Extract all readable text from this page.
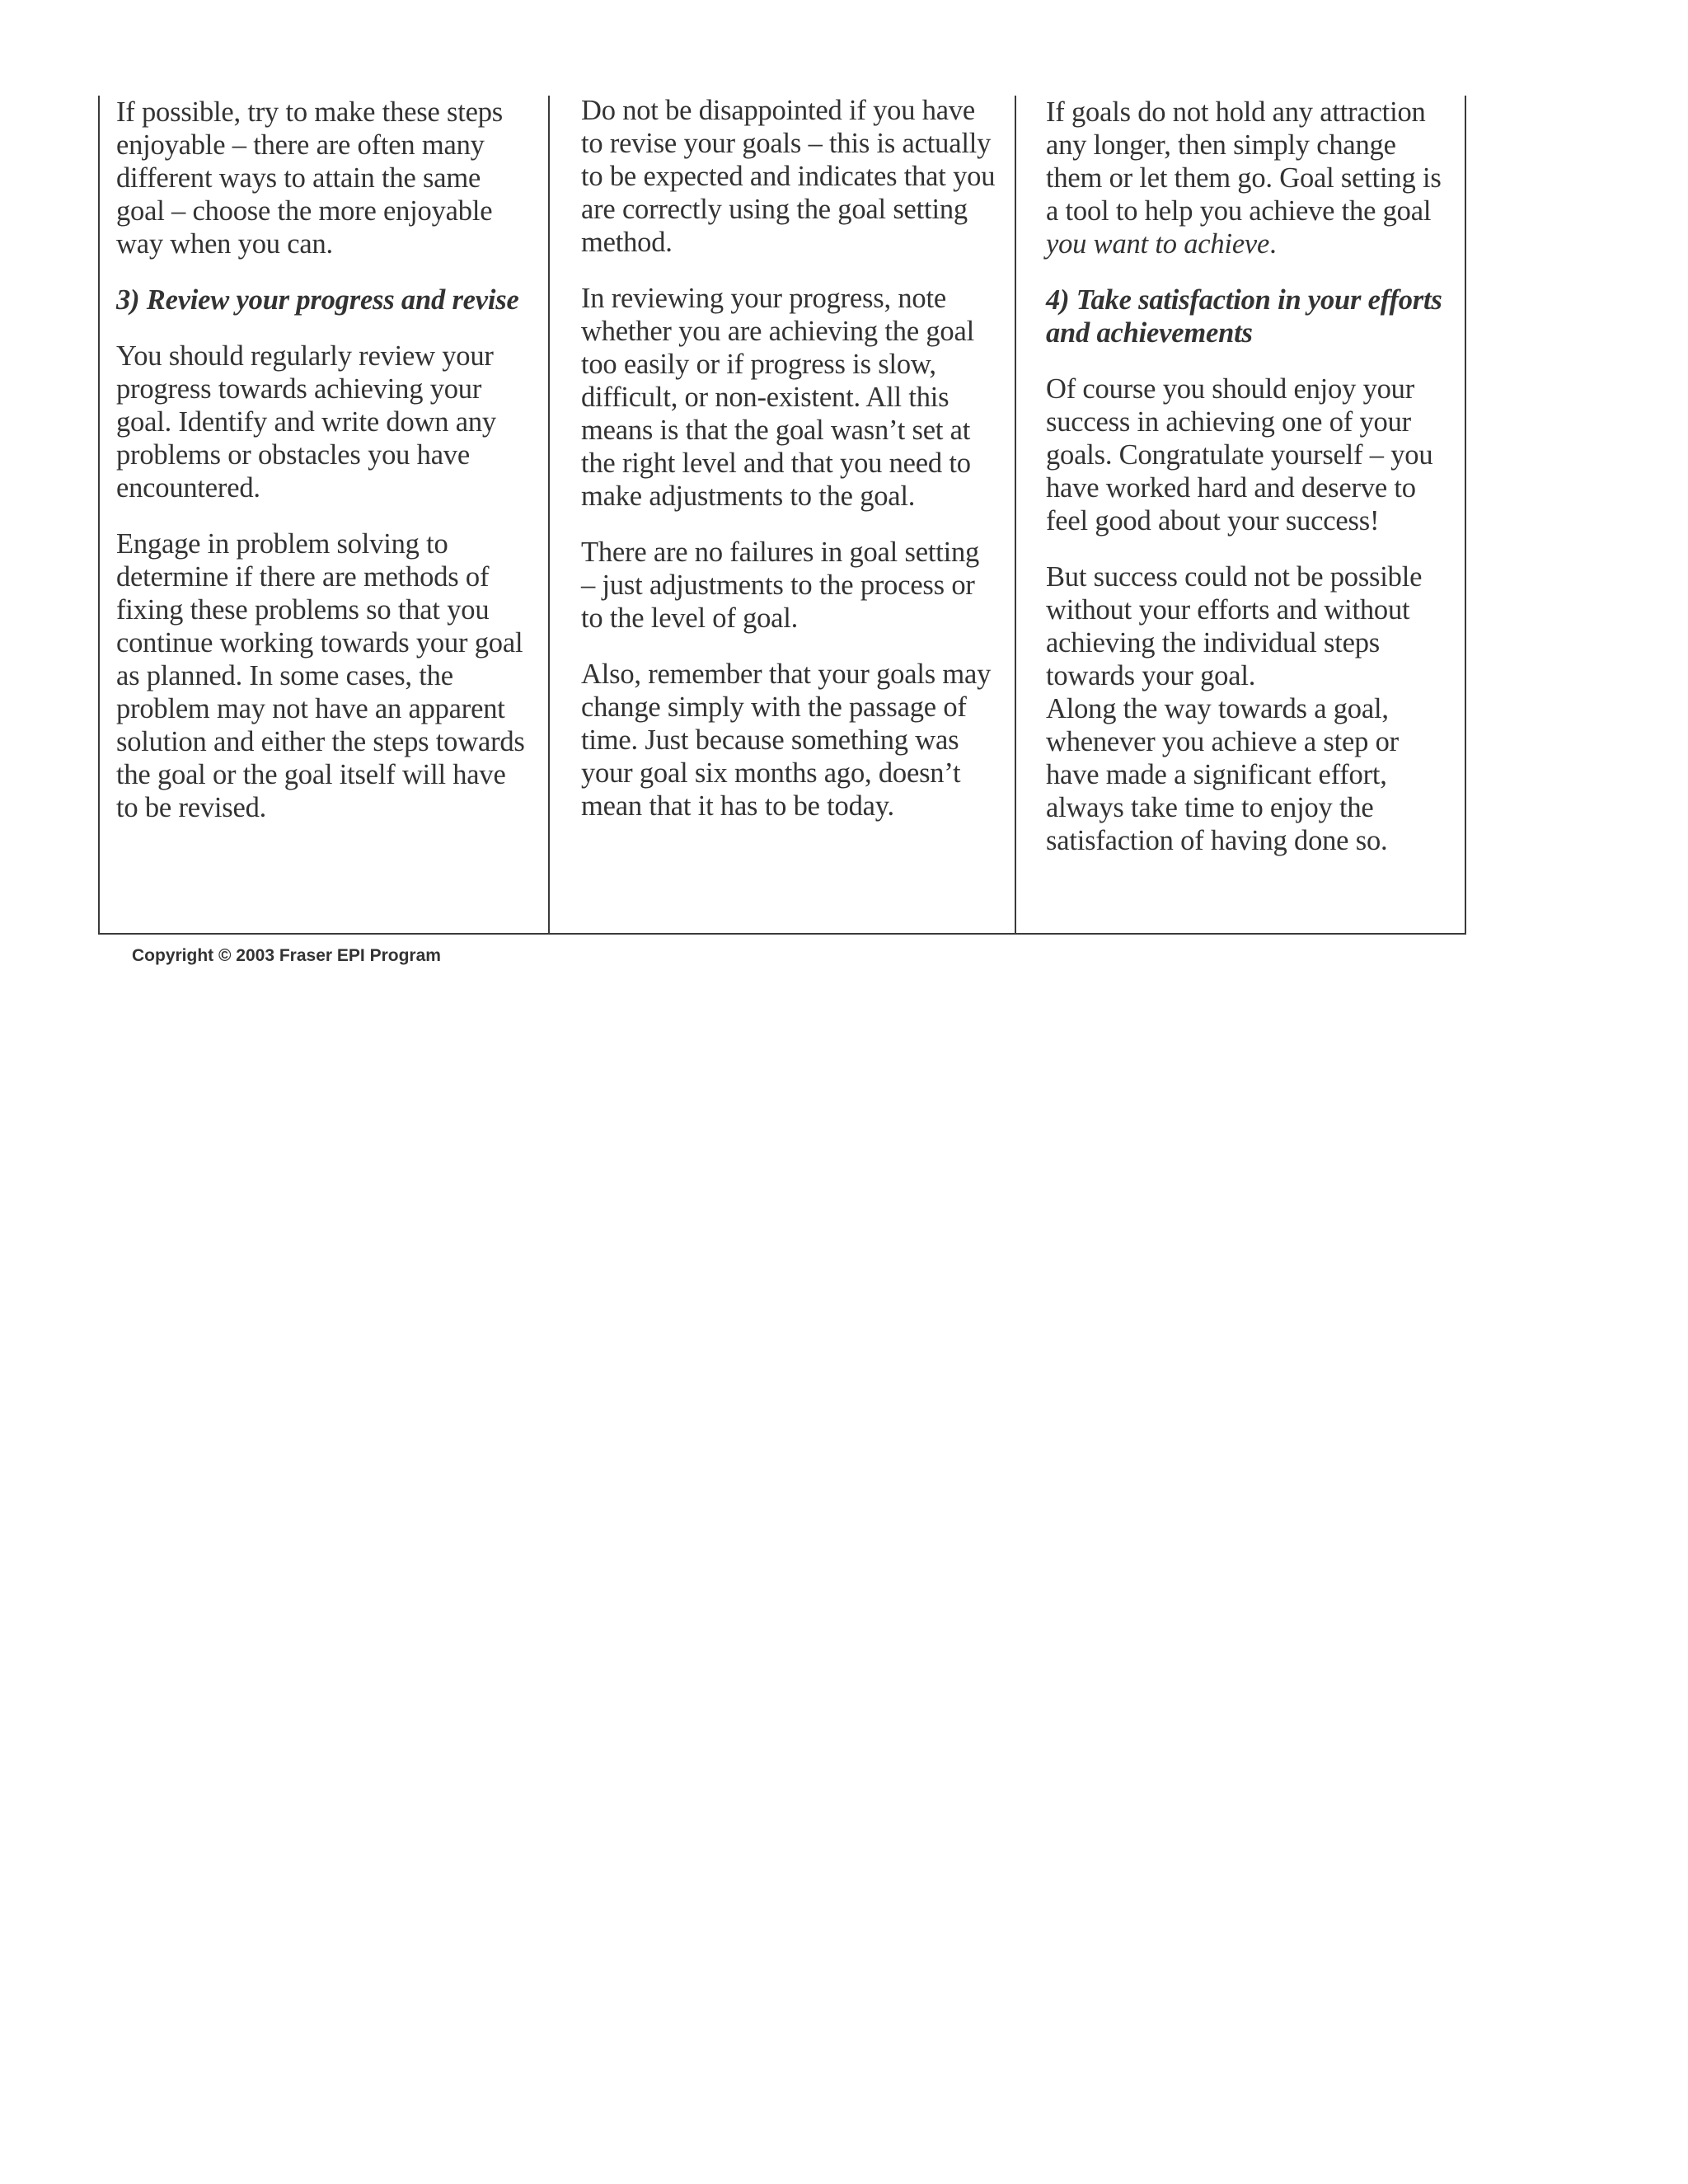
If possible, try to make these steps enjoyable – there are often many different ways to attain the same goal – choose the more enjoyable way when you can.

3) Review your progress and revise

You should regularly review your progress towards achieving your goal. Identify and write down any problems or obstacles you have encountered.

Engage in problem solving to determine if there are methods of fixing these problems so that you continue working towards your goal as planned. In some cases, the problem may not have an apparent solution and either the steps towards the goal or the goal itself will have to be revised.

Do not be disappointed if you have to revise your goals – this is actually to be expected and indicates that you are correctly using the goal setting method.

In reviewing your progress, note whether you are achieving the goal too easily or if progress is slow, difficult, or non-existent. All this means is that the goal wasn’t set at the right level and that you need to make adjustments to the goal.

There are no failures in goal setting – just adjustments to the process or to the level of goal.

Also, remember that your goals may change simply with the passage of time. Just because something was your goal six months ago, doesn’t mean that it has to be today.

If goals do not hold any attraction any longer, then simply change them or let them go. Goal setting is a tool to help you achieve the goal you want to achieve.

4) Take satisfaction in your efforts and achievements

Of course you should enjoy your success in achieving one of your goals. Congratulate yourself – you have worked hard and deserve to feel good about your success!

But success could not be possible without your efforts and without achieving the individual steps towards your goal.

Along the way towards a goal, whenever you achieve a step or have made a significant effort, always take time to enjoy the satisfaction of having done so.

Copyright © 2003 Fraser EPI Program
